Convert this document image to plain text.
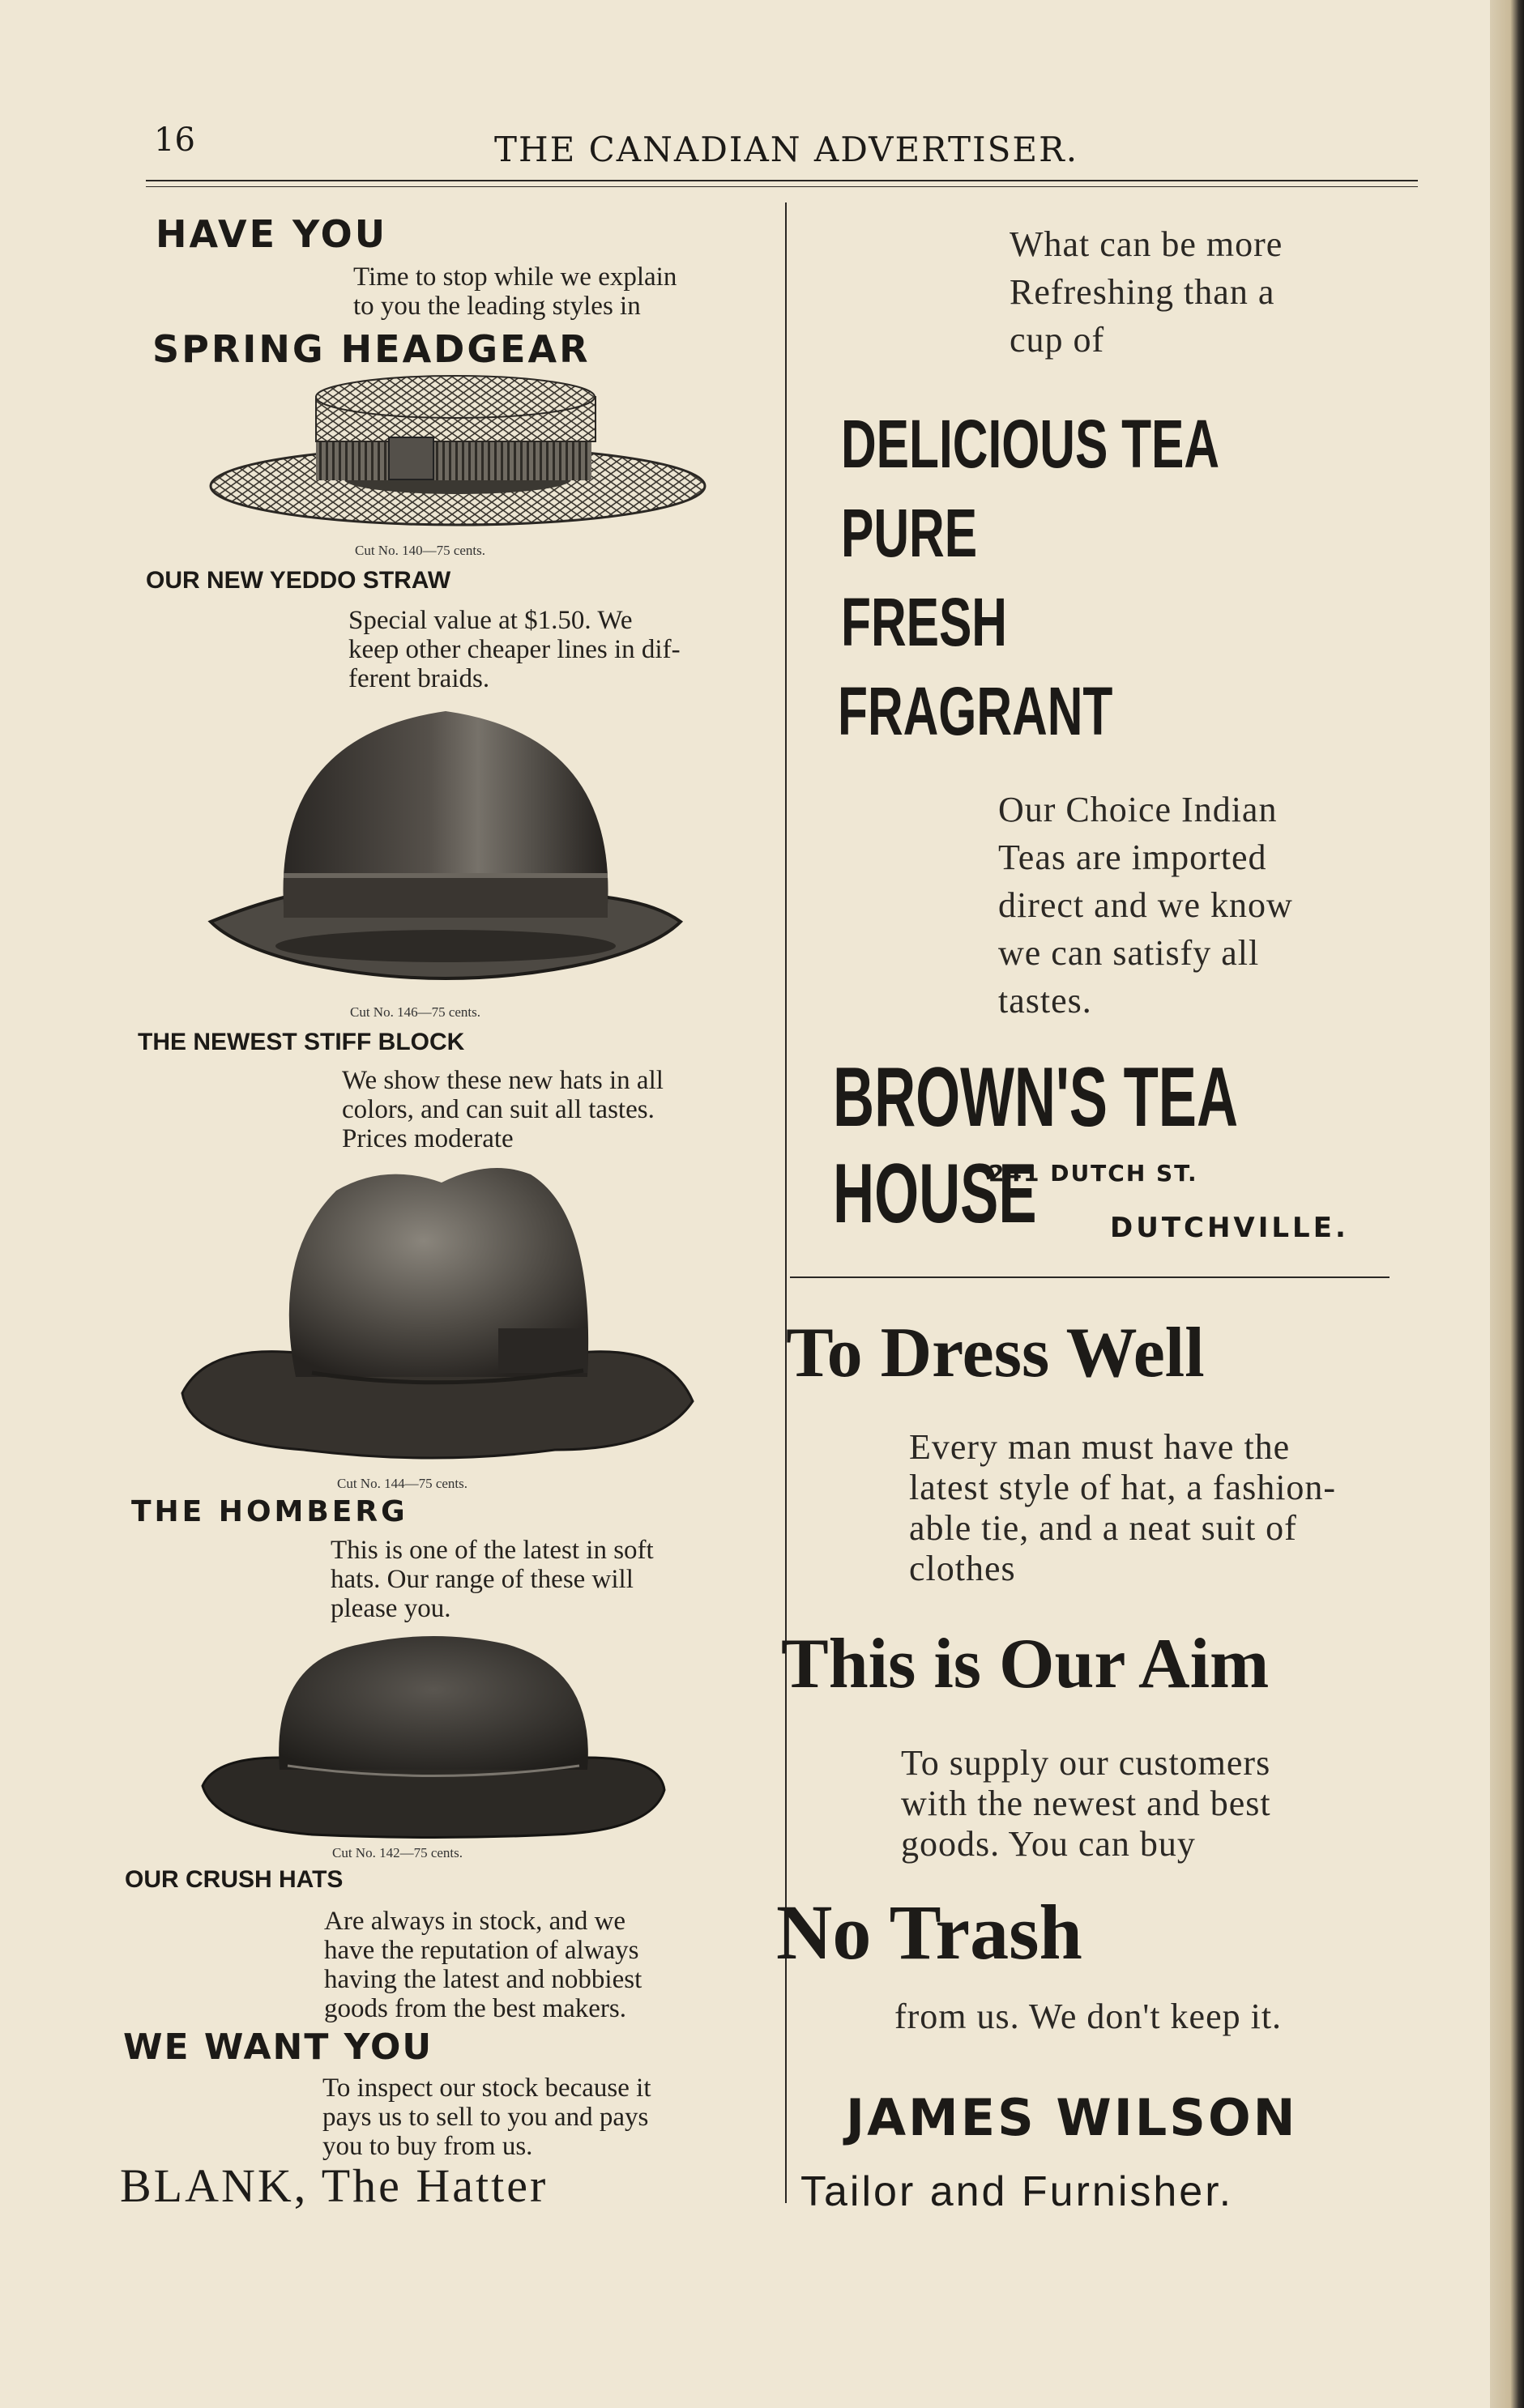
16	THE CANADIAN ADVERTISER.
HAVE YOU
Time to stop while we explain
to you the leading styles in
SPRING HEADGEAR
Cut No. 140—75 cents.
OUR NEW YEDDO STRAW
Special value at $1.50. We
keep other cheaper lines in dif-
ferent braids.
Cut No. 146—75 cents.
THE NEWEST STIFF BLOCK
We show these new hats in all
colors, and can suit all tastes.
Prices moderate
Cut No. 144—75 cents.
THE HOMBERG
This is one of the latest in soft
hats. Our range of these will
please you.
Cut No. 142—75 cents.
OUR CRUSH HATS
Are always in stock, and we
have the reputation of always
having the latest and nobbiest
goods from the best makers.
WE WANT YOU
To inspect our stock because it
pays us to sell to you and pays
you to buy from us.
BLANK, The Hatter
What can be more
Refreshing than a
cup of
DELICIOUS TEA
PURE
FRESH
FRAGRANT
Our Choice Indian
Teas are imported
direct and we know
we can satisfy all
tastes.
BROWN'S TEA HOUSE
241 DUTCH ST.
DUTCHVILLE.
To Dress Well
Every man must have the
latest style of hat, a fashion-
able tie, and a neat suit of
clothes
This is Our Aim
To supply our customers
with the newest and best
goods. You can buy
No Trash
from us. We don't keep it.
JAMES WILSON
Tailor and Furnisher.
